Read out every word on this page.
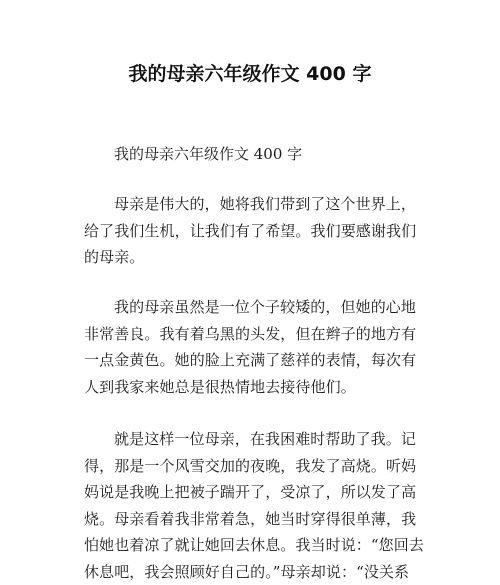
我的母亲六年级作文 400 字
我的母亲六年级作文 400 字
母亲是伟大的，她将我们带到了这个世界上，给了我们生机，让我们有了希望。我们要感谢我们的母亲。
我的母亲虽然是一位个子较矮的，但她的心地非常善良。我有着乌黑的头发，但在辫子的地方有一点金黄色。她的脸上充满了慈祥的表情，每次有人到我家来她总是很热情地去接待他们。
就是这样一位母亲，在我困难时帮助了我。记得，那是一个风雪交加的夜晚，我发了高烧。听妈妈说是我晚上把被子踹开了，受凉了，所以发了高烧。母亲看着我非常着急，她当时穿得很单薄，我怕她也着凉了就让她回去休息。我当时说：“您回去休息吧，我会照顾好自己的。”母亲却说：“没关系
